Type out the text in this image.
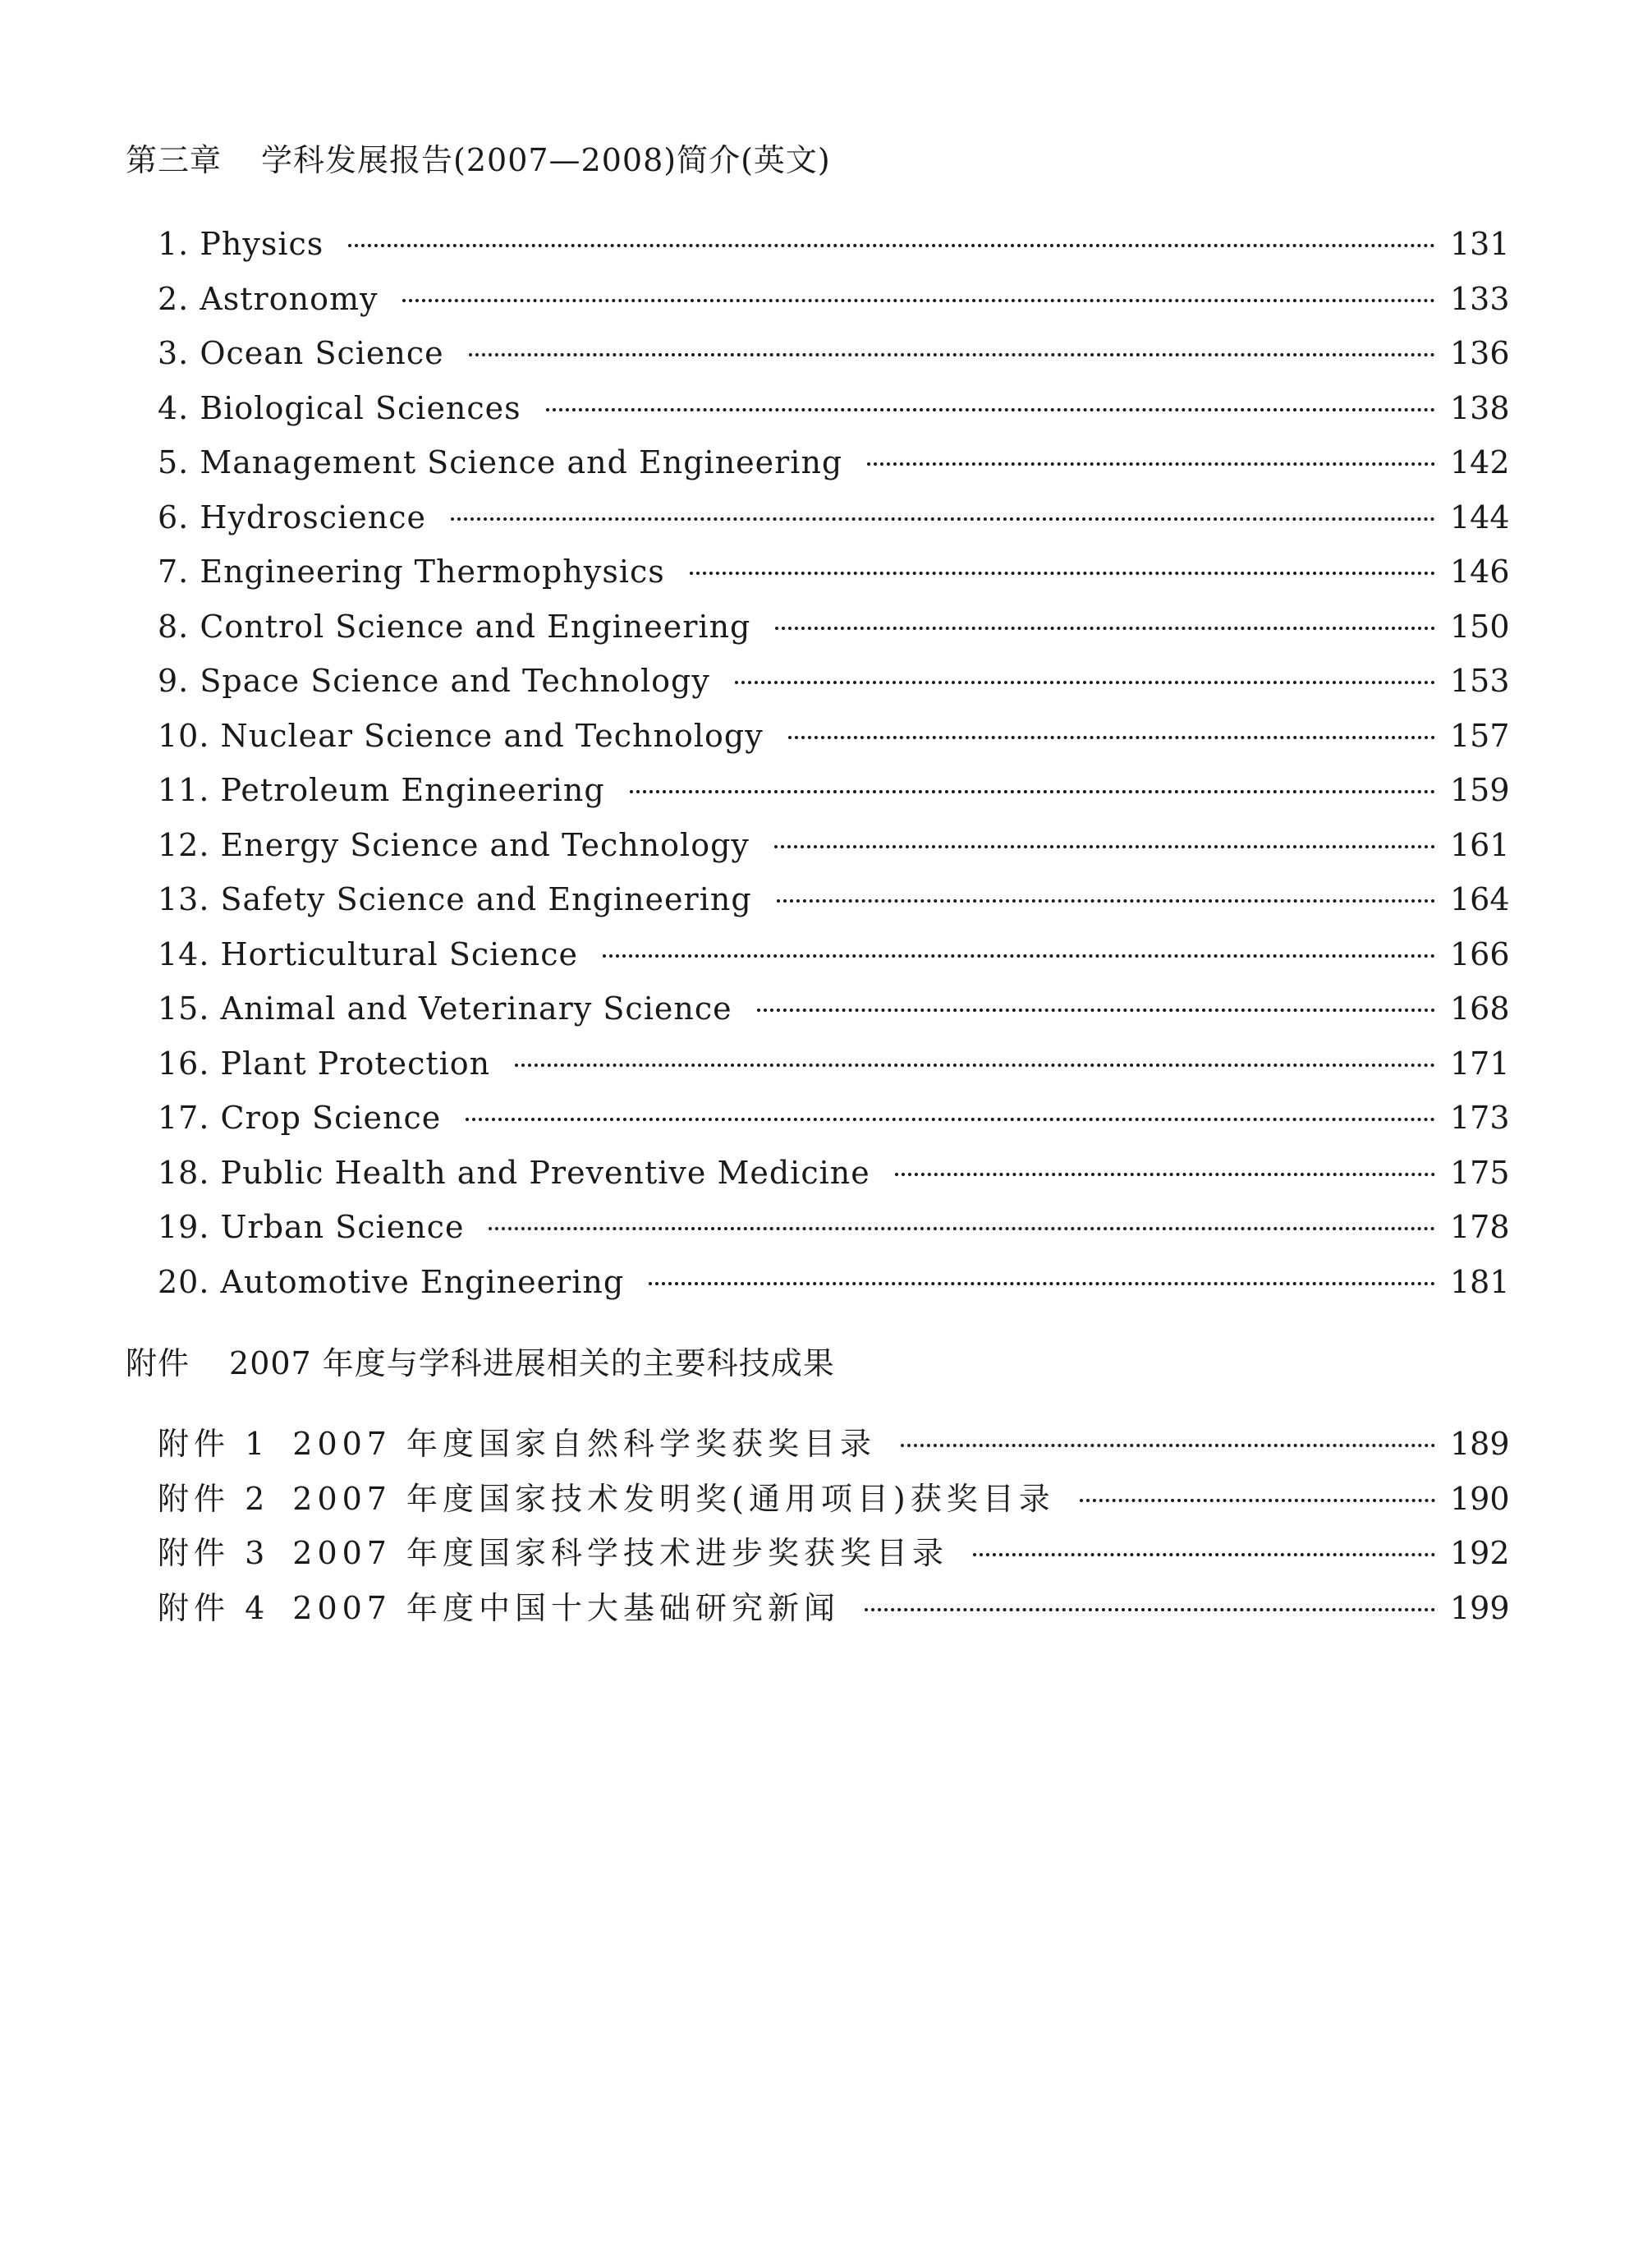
第三章 学科发展报告(2007—2008)简介(英文)
1. Physics	131
2. Astronomy	133
3. Ocean Science	136
4. Biological Sciences	138
5. Management Science and Engineering	142
6. Hydroscience	144
7. Engineering Thermophysics	146
8. Control Science and Engineering	150
9. Space Science and Technology	153
10. Nuclear Science and Technology	157
11. Petroleum Engineering	159
12. Energy Science and Technology	161
13. Safety Science and Engineering	164
14. Horticultural Science	166
15. Animal and Veterinary Science	168
16. Plant Protection	171
17. Crop Science	173
18. Public Health and Preventive Medicine	175
19. Urban Science	178
20. Automotive Engineering	181
附件 2007 年度与学科进展相关的主要科技成果
附件 1 2007 年度国家自然科学奖获奖目录	189
附件 2 2007 年度国家技术发明奖(通用项目)获奖目录	190
附件 3 2007 年度国家科学技术进步奖获奖目录	192
附件 4 2007 年度中国十大基础研究新闻	199
